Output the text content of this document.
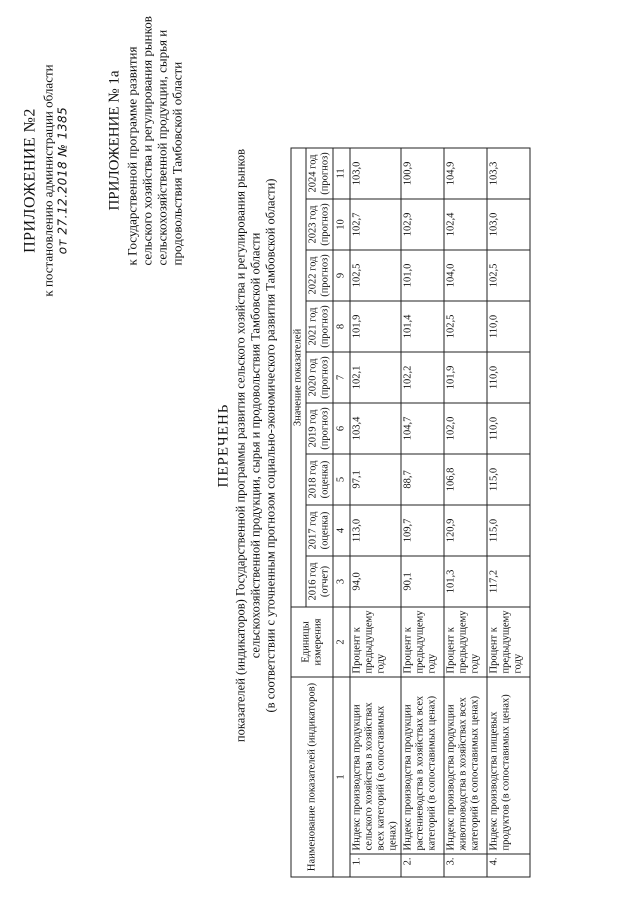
ПРИЛОЖЕНИЕ №2 к постановлению администрации области от 27.12.2018 № 1385 ПРИЛОЖЕНИЕ № 1а к Государственной программе развития сельского хозяйства и регулирования рынков сельскохозяйственной продукции, сырья и продовольствия Тамбовской области
ПЕРЕЧЕНЬ показателей (индикаторов) Государственной программы развития сельского хозяйства и регулирования рынков сельскохозяйственной продукции, сырья и продовольствия Тамбовской области (в соответствии с уточненным прогнозом социально-экономического развития Тамбовской области)
Наименование показателей (индикаторов)		Единицы измерения	Значение показателей								
			2016 год (отчет)	2017 год (оценка)	2018 год (оценка)	2019 год (прогноз)	2020 год (прогноз)	2021 год (прогноз)	2022 год (прогноз)	2023 год (прогноз)	2024 год (прогноз)
1		2	3	4	5	6	7	8	9	10	11
1.	Индекс производства продукции сельского хозяйства в хозяйствах всех категорий (в сопоставимых ценах)	Процент к предыдущему году	94,0	113,0	97,1	103,4	102,1	101,9	102,5	102,7	103,0
2.	Индекс производства продукции растениеводства в хозяйствах всех категорий (в сопоставимых ценах)	Процент к предыдущему году	90,1	109,7	88,7	104,7	102,2	101,4	101,0	102,9	100,9
3.	Индекс производства продукции животноводства в хозяйствах всех категорий (в сопоставимых ценах)	Процент к предыдущему году	101,3	120,9	106,8	102,0	101,9	102,5	104,0	102,4	104,9
4.	Индекс производства пищевых продуктов (в сопоставимых ценах)	Процент к предыдущему году	117,2	115,0	115,0	110,0	110,0	110,0	102,5	103,0	103,3
